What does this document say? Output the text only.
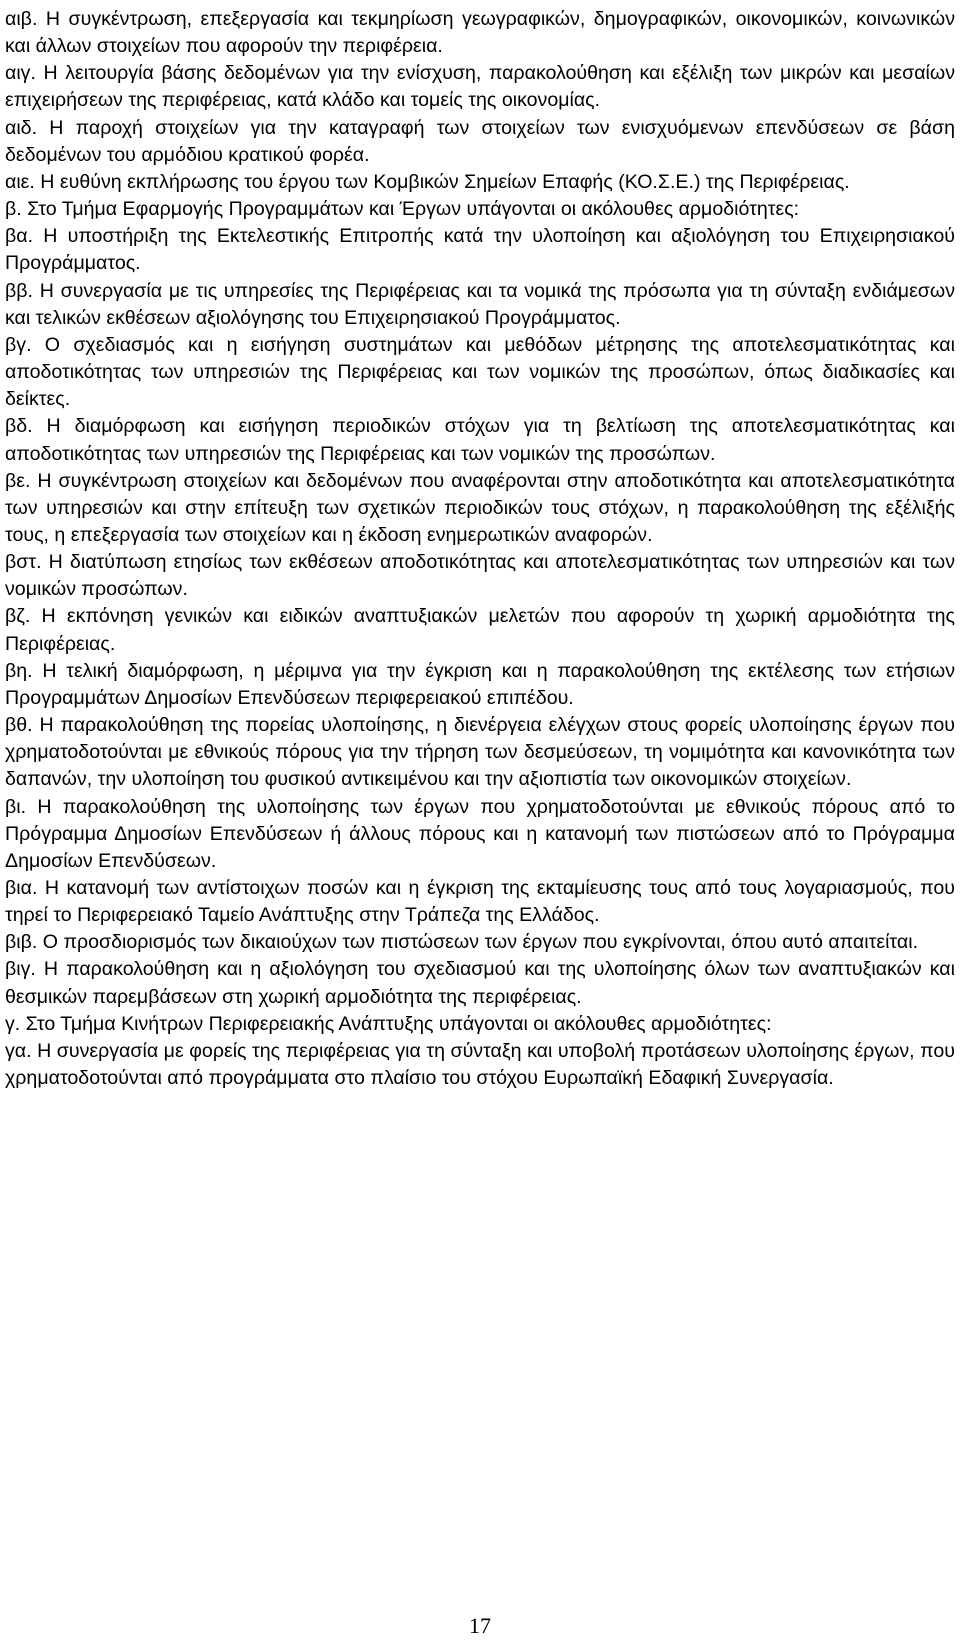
αιβ. Η συγκέντρωση, επεξεργασία και τεκμηρίωση γεωγραφικών, δημογραφικών, οικονομικών, κοινωνικών και άλλων στοιχείων που αφορούν την περιφέρεια.

αιγ. Η λειτουργία βάσης δεδομένων για την ενίσχυση, παρακολούθηση και εξέλιξη των μικρών και μεσαίων επιχειρήσεων της περιφέρειας, κατά κλάδο και τομείς της οικονομίας.

αιδ. Η παροχή στοιχείων για την καταγραφή των στοιχείων των ενισχυόμενων επενδύσεων σε βάση δεδομένων του αρμόδιου κρατικού φορέα.

αιε. Η ευθύνη εκπλήρωσης του έργου των Κομβικών Σημείων Επαφής (ΚΟ.Σ.Ε.) της Περιφέρειας.

β. Στο Τμήμα Εφαρμογής Προγραμμάτων και Έργων υπάγονται οι ακόλουθες αρμοδιότητες:

βα. Η υποστήριξη της Εκτελεστικής Επιτροπής κατά την υλοποίηση και αξιολόγηση του Επιχειρησιακού Προγράμματος.

ββ. Η συνεργασία με τις υπηρεσίες της Περιφέρειας και τα νομικά της πρόσωπα για τη σύνταξη ενδιάμεσων και τελικών εκθέσεων αξιολόγησης του Επιχειρησιακού Προγράμματος.

βγ. Ο σχεδιασμός και η εισήγηση συστημάτων και μεθόδων μέτρησης της αποτελεσματικότητας και αποδοτικότητας των υπηρεσιών της Περιφέρειας και των νομικών της προσώπων, όπως διαδικασίες και δείκτες.

βδ. Η διαμόρφωση και εισήγηση περιοδικών στόχων για τη βελτίωση της αποτελεσματικότητας και αποδοτικότητας των υπηρεσιών της Περιφέρειας και των νομικών της προσώπων.

βε. Η συγκέντρωση στοιχείων και δεδομένων που αναφέρονται στην αποδοτικότητα και αποτελεσματικότητα των υπηρεσιών και στην επίτευξη των σχετικών περιοδικών τους στόχων, η παρακολούθηση της εξέλιξής τους, η επεξεργασία των στοιχείων και η έκδοση ενημερωτικών αναφορών.

βστ. Η διατύπωση ετησίως των εκθέσεων αποδοτικότητας και αποτελεσματικότητας των υπηρεσιών και των νομικών προσώπων.

βζ. Η εκπόνηση γενικών και ειδικών αναπτυξιακών μελετών που αφορούν τη χωρική αρμοδιότητα της Περιφέρειας.

βη. Η τελική διαμόρφωση, η μέριμνα για την έγκριση και η παρακολούθηση της εκτέλεσης των ετήσιων Προγραμμάτων Δημοσίων Επενδύσεων περιφερειακού επιπέδου.

βθ. Η παρακολούθηση της πορείας υλοποίησης, η διενέργεια ελέγχων στους φορείς υλοποίησης έργων που χρηματοδοτούνται με εθνικούς πόρους για την τήρηση των δεσμεύσεων, τη νομιμότητα και κανονικότητα των δαπανών, την υλοποίηση του φυσικού αντικειμένου και την αξιοπιστία των οικονομικών στοιχείων.

βι. Η παρακολούθηση της υλοποίησης των έργων που χρηματοδοτούνται με εθνικούς πόρους από το Πρόγραμμα Δημοσίων Επενδύσεων ή άλλους πόρους και η κατανομή των πιστώσεων από το Πρόγραμμα Δημοσίων Επενδύσεων.

βια. Η κατανομή των αντίστοιχων ποσών και η έγκριση της εκταμίευσης τους από τους λογαριασμούς, που τηρεί το Περιφερειακό Ταμείο Ανάπτυξης στην Τράπεζα της Ελλάδος.

βιβ. Ο προσδιορισμός των δικαιούχων των πιστώσεων των έργων που εγκρίνονται, όπου αυτό απαιτείται.

βιγ. Η παρακολούθηση και η αξιολόγηση του σχεδιασμού και της υλοποίησης όλων των αναπτυξιακών και θεσμικών παρεμβάσεων στη χωρική αρμοδιότητα της περιφέρειας.

γ. Στο Τμήμα Κινήτρων Περιφερειακής Ανάπτυξης υπάγονται οι ακόλουθες αρμοδιότητες:

γα. Η συνεργασία με φορείς της περιφέρειας για τη σύνταξη και υποβολή προτάσεων υλοποίησης έργων, που χρηματοδοτούνται από προγράμματα στο πλαίσιο του στόχου Ευρωπαϊκή Εδαφική Συνεργασία.

17
